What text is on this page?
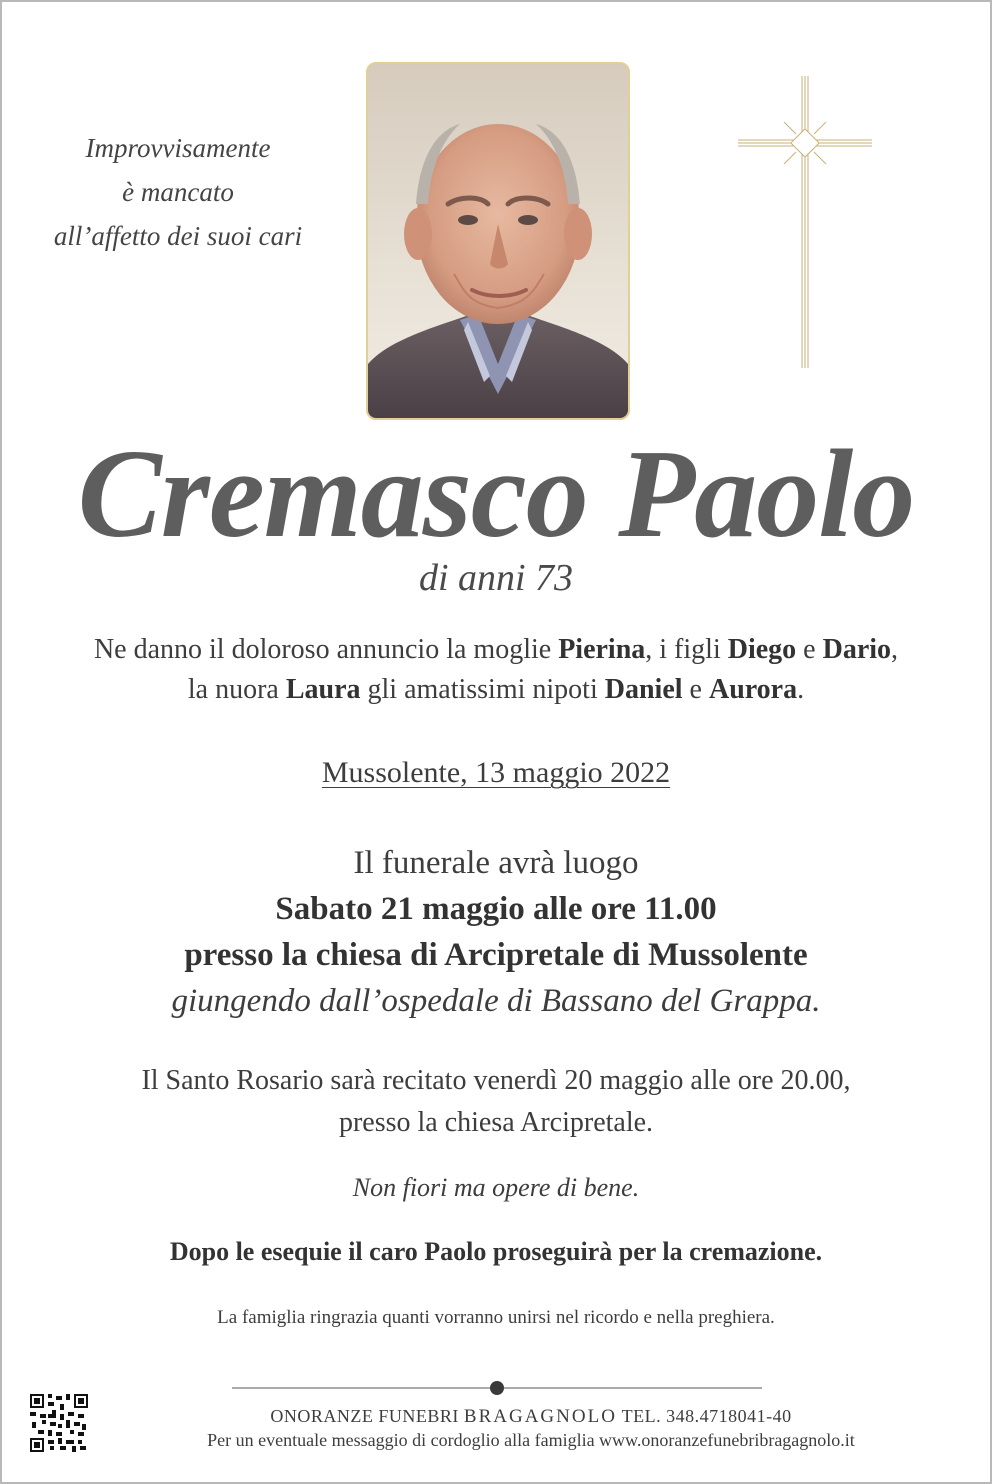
Improvvisamente
è mancato
all’affetto dei suoi cari
Cremasco Paolo
di anni 73
Ne danno il doloroso annuncio la moglie Pierina, i figli Diego e Dario,
la nuora Laura gli amatissimi nipoti Daniel e Aurora.
Mussolente, 13 maggio 2022
Il funerale avrà luogo
Sabato 21 maggio alle ore 11.00
presso la chiesa di Arcipretale di Mussolente
giungendo dall’ospedale di Bassano del Grappa.
Il Santo Rosario sarà recitato venerdì 20 maggio alle ore 20.00,
presso la chiesa Arcipretale.
Non fiori ma opere di bene.
Dopo le esequie il caro Paolo proseguirà per la cremazione.
La famiglia ringrazia quanti vorranno unirsi nel ricordo e nella preghiera.
ONORANZE FUNEBRI BRAGAGNOLO TEL. 348.4718041-40
Per un eventuale messaggio di cordoglio alla famiglia www.onoranzefunebribragagnolo.it
